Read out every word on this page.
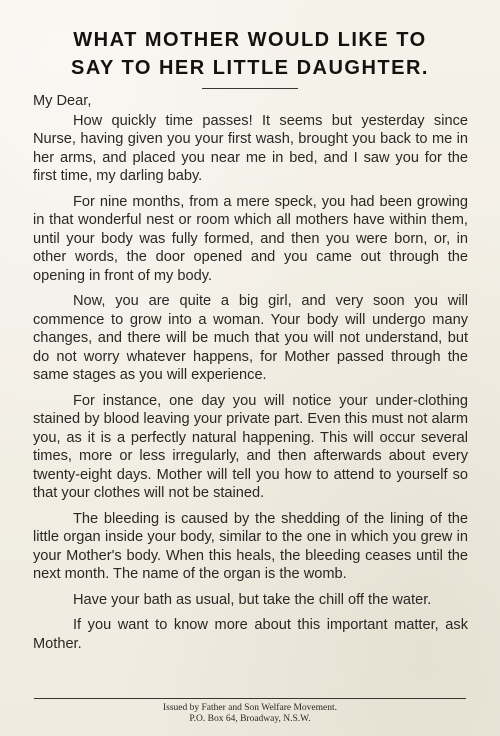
WHAT MOTHER WOULD LIKE TO
SAY TO HER LITTLE DAUGHTER.

My Dear,

How quickly time passes! It seems but yesterday since Nurse, having given you your first wash, brought you back to me in her arms, and placed you near me in bed, and I saw you for the first time, my darling baby.

For nine months, from a mere speck, you had been growing in that wonderful nest or room which all mothers have within them, until your body was fully formed, and then you were born, or, in other words, the door opened and you came out through the opening in front of my body.

Now, you are quite a big girl, and very soon you will commence to grow into a woman. Your body will undergo many changes, and there will be much that you will not understand, but do not worry whatever happens, for Mother passed through the same stages as you will experience.

For instance, one day you will notice your under-clothing stained by blood leaving your private part. Even this must not alarm you, as it is a perfectly natural happening. This will occur several times, more or less irregularly, and then afterwards about every twenty-eight days. Mother will tell you how to attend to yourself so that your clothes will not be stained.

The bleeding is caused by the shedding of the lining of the little organ inside your body, similar to the one in which you grew in your Mother's body. When this heals, the bleeding ceases until the next month. The name of the organ is the womb.

Have your bath as usual, but take the chill off the water.

If you want to know more about this important matter, ask Mother.

Issued by Father and Son Welfare Movement.
P.O. Box 64, Broadway, N.S.W.
